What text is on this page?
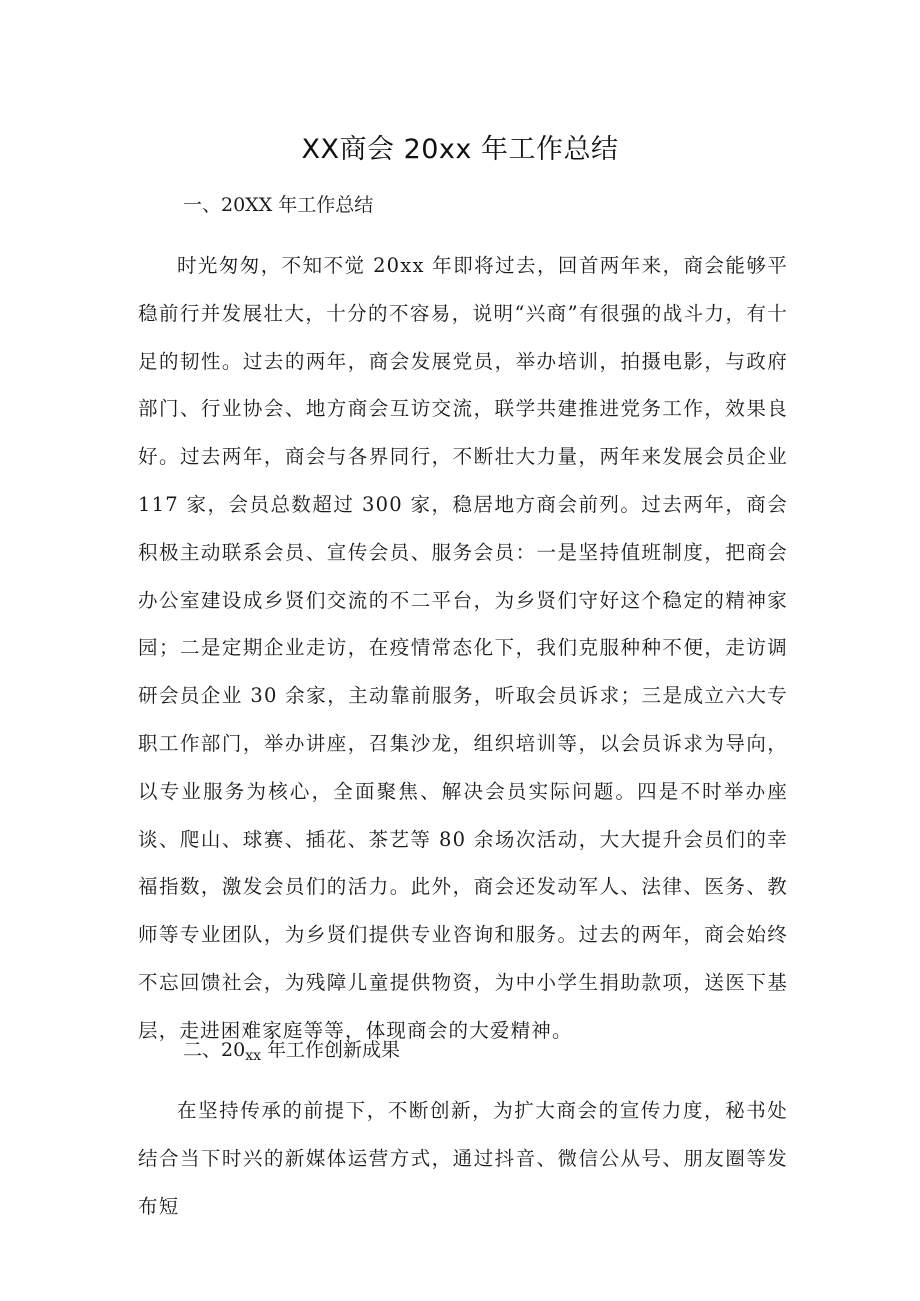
XX商会 20xx 年工作总结
一、20XX 年工作总结

时光匆匆，不知不觉 20xx 年即将过去，回首两年来，商会能够平稳前行并发展壮大，十分的不容易，说明“兴商”有很强的战斗力，有十足的韧性。过去的两年，商会发展党员，举办培训，拍摄电影，与政府部门、行业协会、地方商会互访交流，联学共建推进党务工作，效果良好。过去两年，商会与各界同行，不断壮大力量，两年来发展会员企业 117 家，会员总数超过 300 家，稳居地方商会前列。过去两年，商会积极主动联系会员、宣传会员、服务会员：一是坚持值班制度，把商会办公室建设成乡贤们交流的不二平台，为乡贤们守好这个稳定的精神家园；二是定期企业走访，在疫情常态化下，我们克服种种不便，走访调研会员企业 30 余家，主动靠前服务，听取会员诉求；三是成立六大专职工作部门，举办讲座，召集沙龙，组织培训等，以会员诉求为导向，以专业服务为核心，全面聚焦、解决会员实际问题。四是不时举办座谈、爬山、球赛、插花、茶艺等 80 余场次活动，大大提升会员们的幸福指数，激发会员们的活力。此外，商会还发动军人、法律、医务、教师等专业团队，为乡贤们提供专业咨询和服务。过去的两年，商会始终不忘回馈社会，为残障儿童提供物资，为中小学生捐助款项，送医下基层，走进困难家庭等等，体现商会的大爱精神。

二、$20_{xx}$ 年工作创新成果

在坚持传承的前提下，不断创新，为扩大商会的宣传力度，秘书处结合当下时兴的新媒体运营方式，通过抖音、微信公从号、朋友圈等发布短
